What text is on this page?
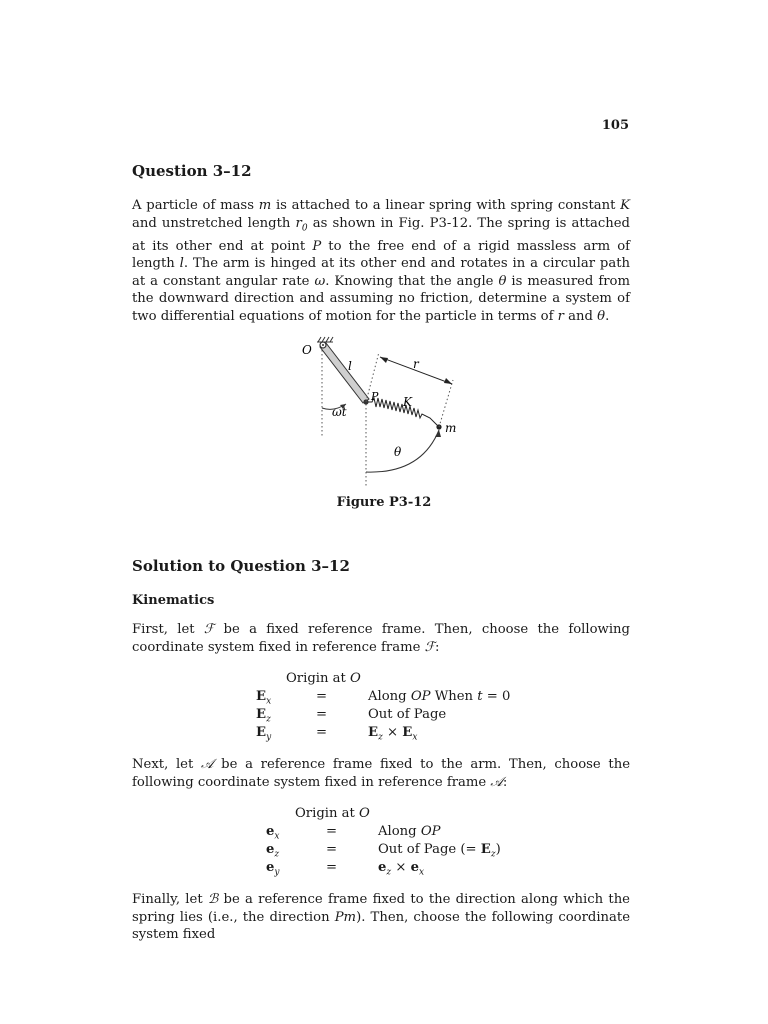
105
Question 3–12

A particle of mass m is attached to a linear spring with spring constant K and unstretched length $r_0$ as shown in Fig. P3-12. The spring is attached at its other end at point P to the free end of a rigid massless arm of length l. The arm is hinged at its other end and rotates in a circular path at a constant angular rate ω. Knowing that the angle θ is measured from the downward direction and assuming no friction, determine a system of two differential equations of motion for the particle in terms of r and θ.

O
l	r
P K
m
ωt
θ
Figure P3-12
Solution to Question 3–12
Kinematics

First, let ℱ be a fixed reference frame. Then, choose the following coordinate system fixed in reference frame ℱ:

Origin at O
$E_x$	=	Along OP When t = 0
$E_z$	=	Out of Page
$E_y$	=	$E_z \times E_x$

Next, let 𝒜 be a reference frame fixed to the arm. Then, choose the following coordinate system fixed in reference frame 𝒜:

Origin at O
$e_x$	=	Along OP
$e_z$	=	Out of Page (= $E_z$)
$e_y$	=	$e_z \times e_x$

Finally, let ℬ be a reference frame fixed to the direction along which the spring lies (i.e., the direction Pm). Then, choose the following coordinate system fixed
